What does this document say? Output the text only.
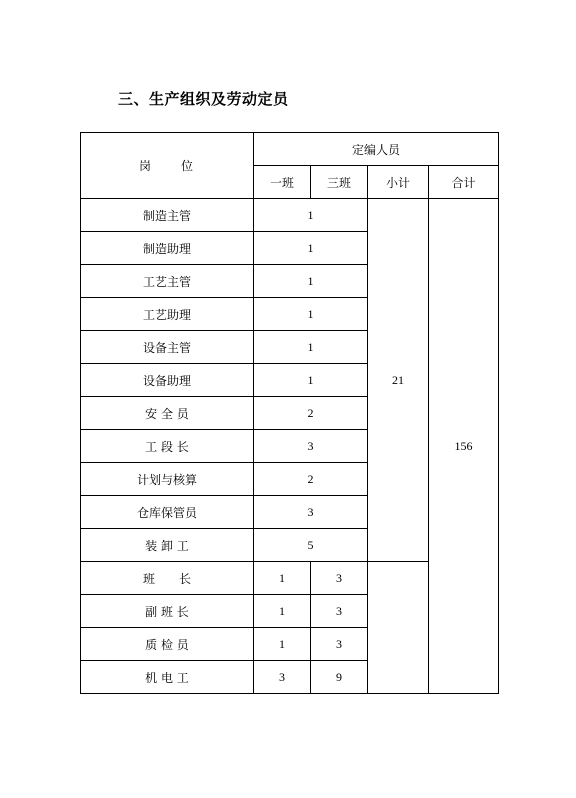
三、生产组织及劳动定员
岗　　位	定编人员			
	一班	三班	小计	合计
制造主管	1		21	156
制造助理	1			
工艺主管	1			
工艺助理	1			
设备主管	1			
设备助理	1			
安 全 员	2			
工 段 长	3			
计划与核算	2			
仓库保管员	3			
装 卸 工	5			
班　　长	1	3		
副 班 长	1	3		
质 检 员	1	3		
机 电 工	3	9		
